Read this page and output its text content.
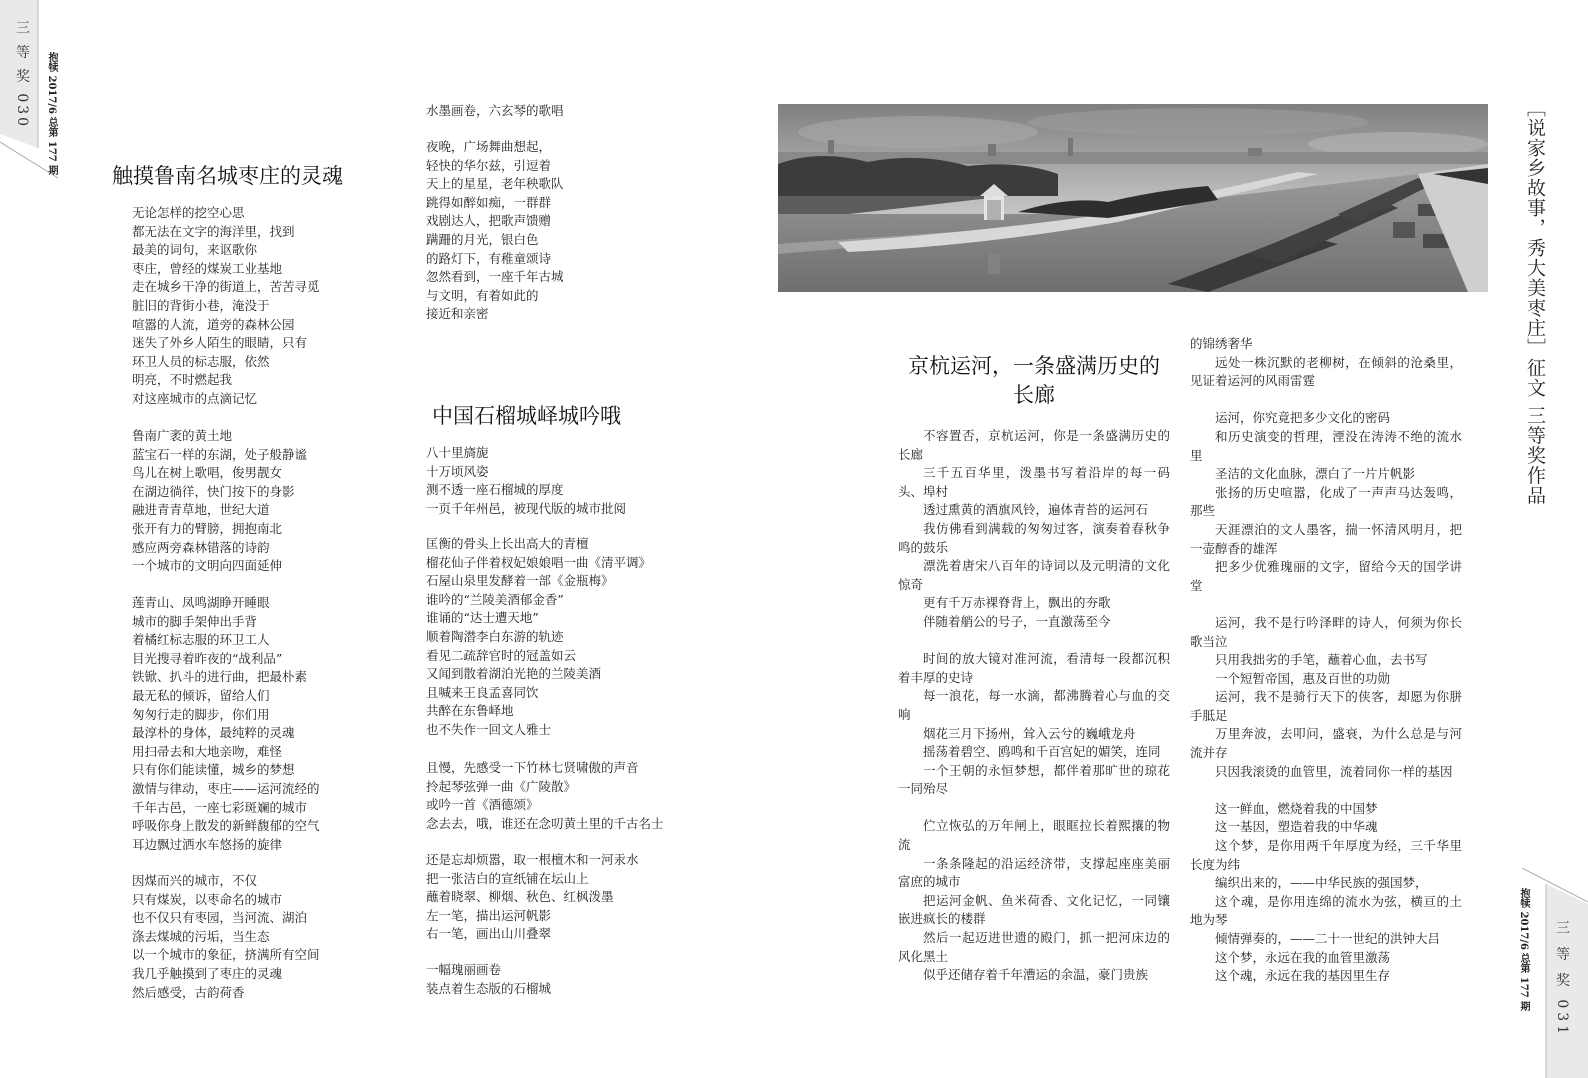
三 等 奖 030 抱犊 2017/6 总第 177 期
抱犊 2017/6 总第 177 期 三 等 奖 031
［说家乡故事，秀大美枣庄］征文 三等奖作品
触摸鲁南名城枣庄的灵魂
无论怎样的挖空心思
都无法在文字的海洋里，找到
最美的词句，来讴歌你
枣庄，曾经的煤炭工业基地
走在城乡干净的街道上，苦苦寻觅
脏旧的背街小巷，淹没于
喧嚣的人流，道旁的森林公园
迷失了外乡人陌生的眼睛，只有
环卫人员的标志服，依然
明亮，不时燃起我
对这座城市的点滴记忆
鲁南广袤的黄土地
蓝宝石一样的东湖，处子般静谧
鸟儿在树上歌唱，俊男靓女
在湖边徜徉，快门按下的身影
融进青青草地，世纪大道
张开有力的臂膀，拥抱南北
感应两旁森林错落的诗韵
一个城市的文明向四面延伸
莲青山、凤鸣湖睁开睡眼
城市的脚手架伸出手背
着橘红标志服的环卫工人
目光搜寻着昨夜的“战利品”
铁锨、扒斗的进行曲，把最朴素
最无私的倾诉，留给人们
匆匆行走的脚步，你们用
最淳朴的身体，最纯粹的灵魂
用扫帚去和大地亲吻，难怪
只有你们能读懂，城乡的梦想
激情与律动，枣庄——运河流经的
千年古邑，一座七彩斑斓的城市
呼吸你身上散发的新鲜馥郁的空气
耳边飘过洒水车悠扬的旋律
因煤而兴的城市，不仅
只有煤炭，以枣命名的城市
也不仅只有枣园，当河流、湖泊
涤去煤城的污垢，当生态
以一个城市的象征，挤满所有空间
我几乎触摸到了枣庄的灵魂
然后感受，古韵荷香
水墨画卷，六玄琴的歌唱
夜晚，广场舞曲想起，
轻快的华尔兹，引逗着
天上的星星，老年秧歌队
跳得如醉如痴，一群群
戏剧达人，把歌声馈赠
蹒跚的月光，银白色
的路灯下，有稚童颂诗
忽然看到，一座千年古城
与文明，有着如此的
接近和亲密
中国石榴城峄城吟哦
八十里旖旎
十万顷风姿
测不透一座石榴城的厚度
一页千年州邑，被现代版的城市批阅
匡衡的骨头上长出高大的青檀
榴花仙子伴着杈妃娘娘唱一曲《清平调》
石屋山泉里发酵着一部《金瓶梅》
谁吟的“兰陵美酒郁金香”
谁诵的“达士遭天地”
顺着陶潜李白东游的轨迹
看见二疏辞官时的冠盖如云
又闻到散着湖泊光艳的兰陵美酒
且喊来王良孟喜同饮
共醉在东鲁峄地
也不失作一回文人雅士
且慢，先感受一下竹林七贤啸傲的声音
拎起琴弦弹一曲《广陵散》
或吟一首《酒德颂》
念去去，哦，谁还在念叨黄土里的千古名士
还是忘却烦嚣，取一根檀木和一河汞水
把一张洁白的宣纸铺在坛山上
蘸着晓翠、柳烟、秋色、红枫泼墨
左一笔，描出运河帆影
右一笔，画出山川叠翠
一幅瑰丽画卷
装点着生态版的石榴城
京杭运河，一条盛满历史的长廊

不容置否，京杭运河，你是一条盛满历史的长廊

三千五百华里，泼墨书写着沿岸的每一码头、埠村

透过熏黄的酒旗风铃，遍体青苔的运河石

我仿佛看到满载的匆匆过客，演奏着春秋争鸣的鼓乐

漂洗着唐宋八百年的诗词以及元明清的文化惊奇

更有千万赤裸脊背上，飘出的夯歌

伴随着艄公的号子，一直激荡至今

时间的放大镜对准河流，看清每一段都沉积着丰厚的史诗

每一浪花，每一水滴，都沸腾着心与血的交响

烟花三月下扬州，耸入云兮的巍峨龙舟

摇荡着碧空、鸥鸣和千百宫妃的媚笑，连同

一个王朝的永恒梦想，都伴着那旷世的琼花一同殆尽

伫立恢弘的万年闸上，眼眶拉长着熙攘的物流

一条条隆起的沿运经济带，支撑起座座美丽富庶的城市

把运河金帆、鱼米荷香、文化记忆，一同镶嵌进疯长的楼群

然后一起迈进世遗的殿门，抓一把河床边的风化黑土

似乎还储存着千年漕运的余温，豪门贵族

的锦绣奢华

远处一株沉默的老柳树，在倾斜的沧桑里，见证着运河的风雨雷霆

运河，你究竟把多少文化的密码

和历史演变的哲理，湮没在涛涛不绝的流水里

圣洁的文化血脉，漂白了一片片帆影

张扬的历史喧嚣，化成了一声声马达轰鸣，那些

天涯漂泊的文人墨客，揣一怀清风明月，把一壶醇香的雄浑

把多少优雅瑰丽的文字，留给今天的国学讲堂

运河，我不是行吟泽畔的诗人，何须为你长歌当泣

只用我拙劣的手笔，蘸着心血，去书写

一个短暂帝国，惠及百世的功勋

运河，我不是骑行天下的侠客，却愿为你胼手胝足

万里奔波，去叩问，盛衰，为什么总是与河流并存

只因我滚烫的血管里，流着同你一样的基因

这一鲜血，燃烧着我的中国梦

这一基因，塑造着我的中华魂

这个梦，是你用两千年厚度为经，三千华里长度为纬

编织出来的，——中华民族的强国梦，

这个魂，是你用连绵的流水为弦，横亘的土地为琴

倾情弹奏的，——二十一世纪的洪钟大吕

这个梦，永远在我的血管里激荡

这个魂，永远在我的基因里生存
